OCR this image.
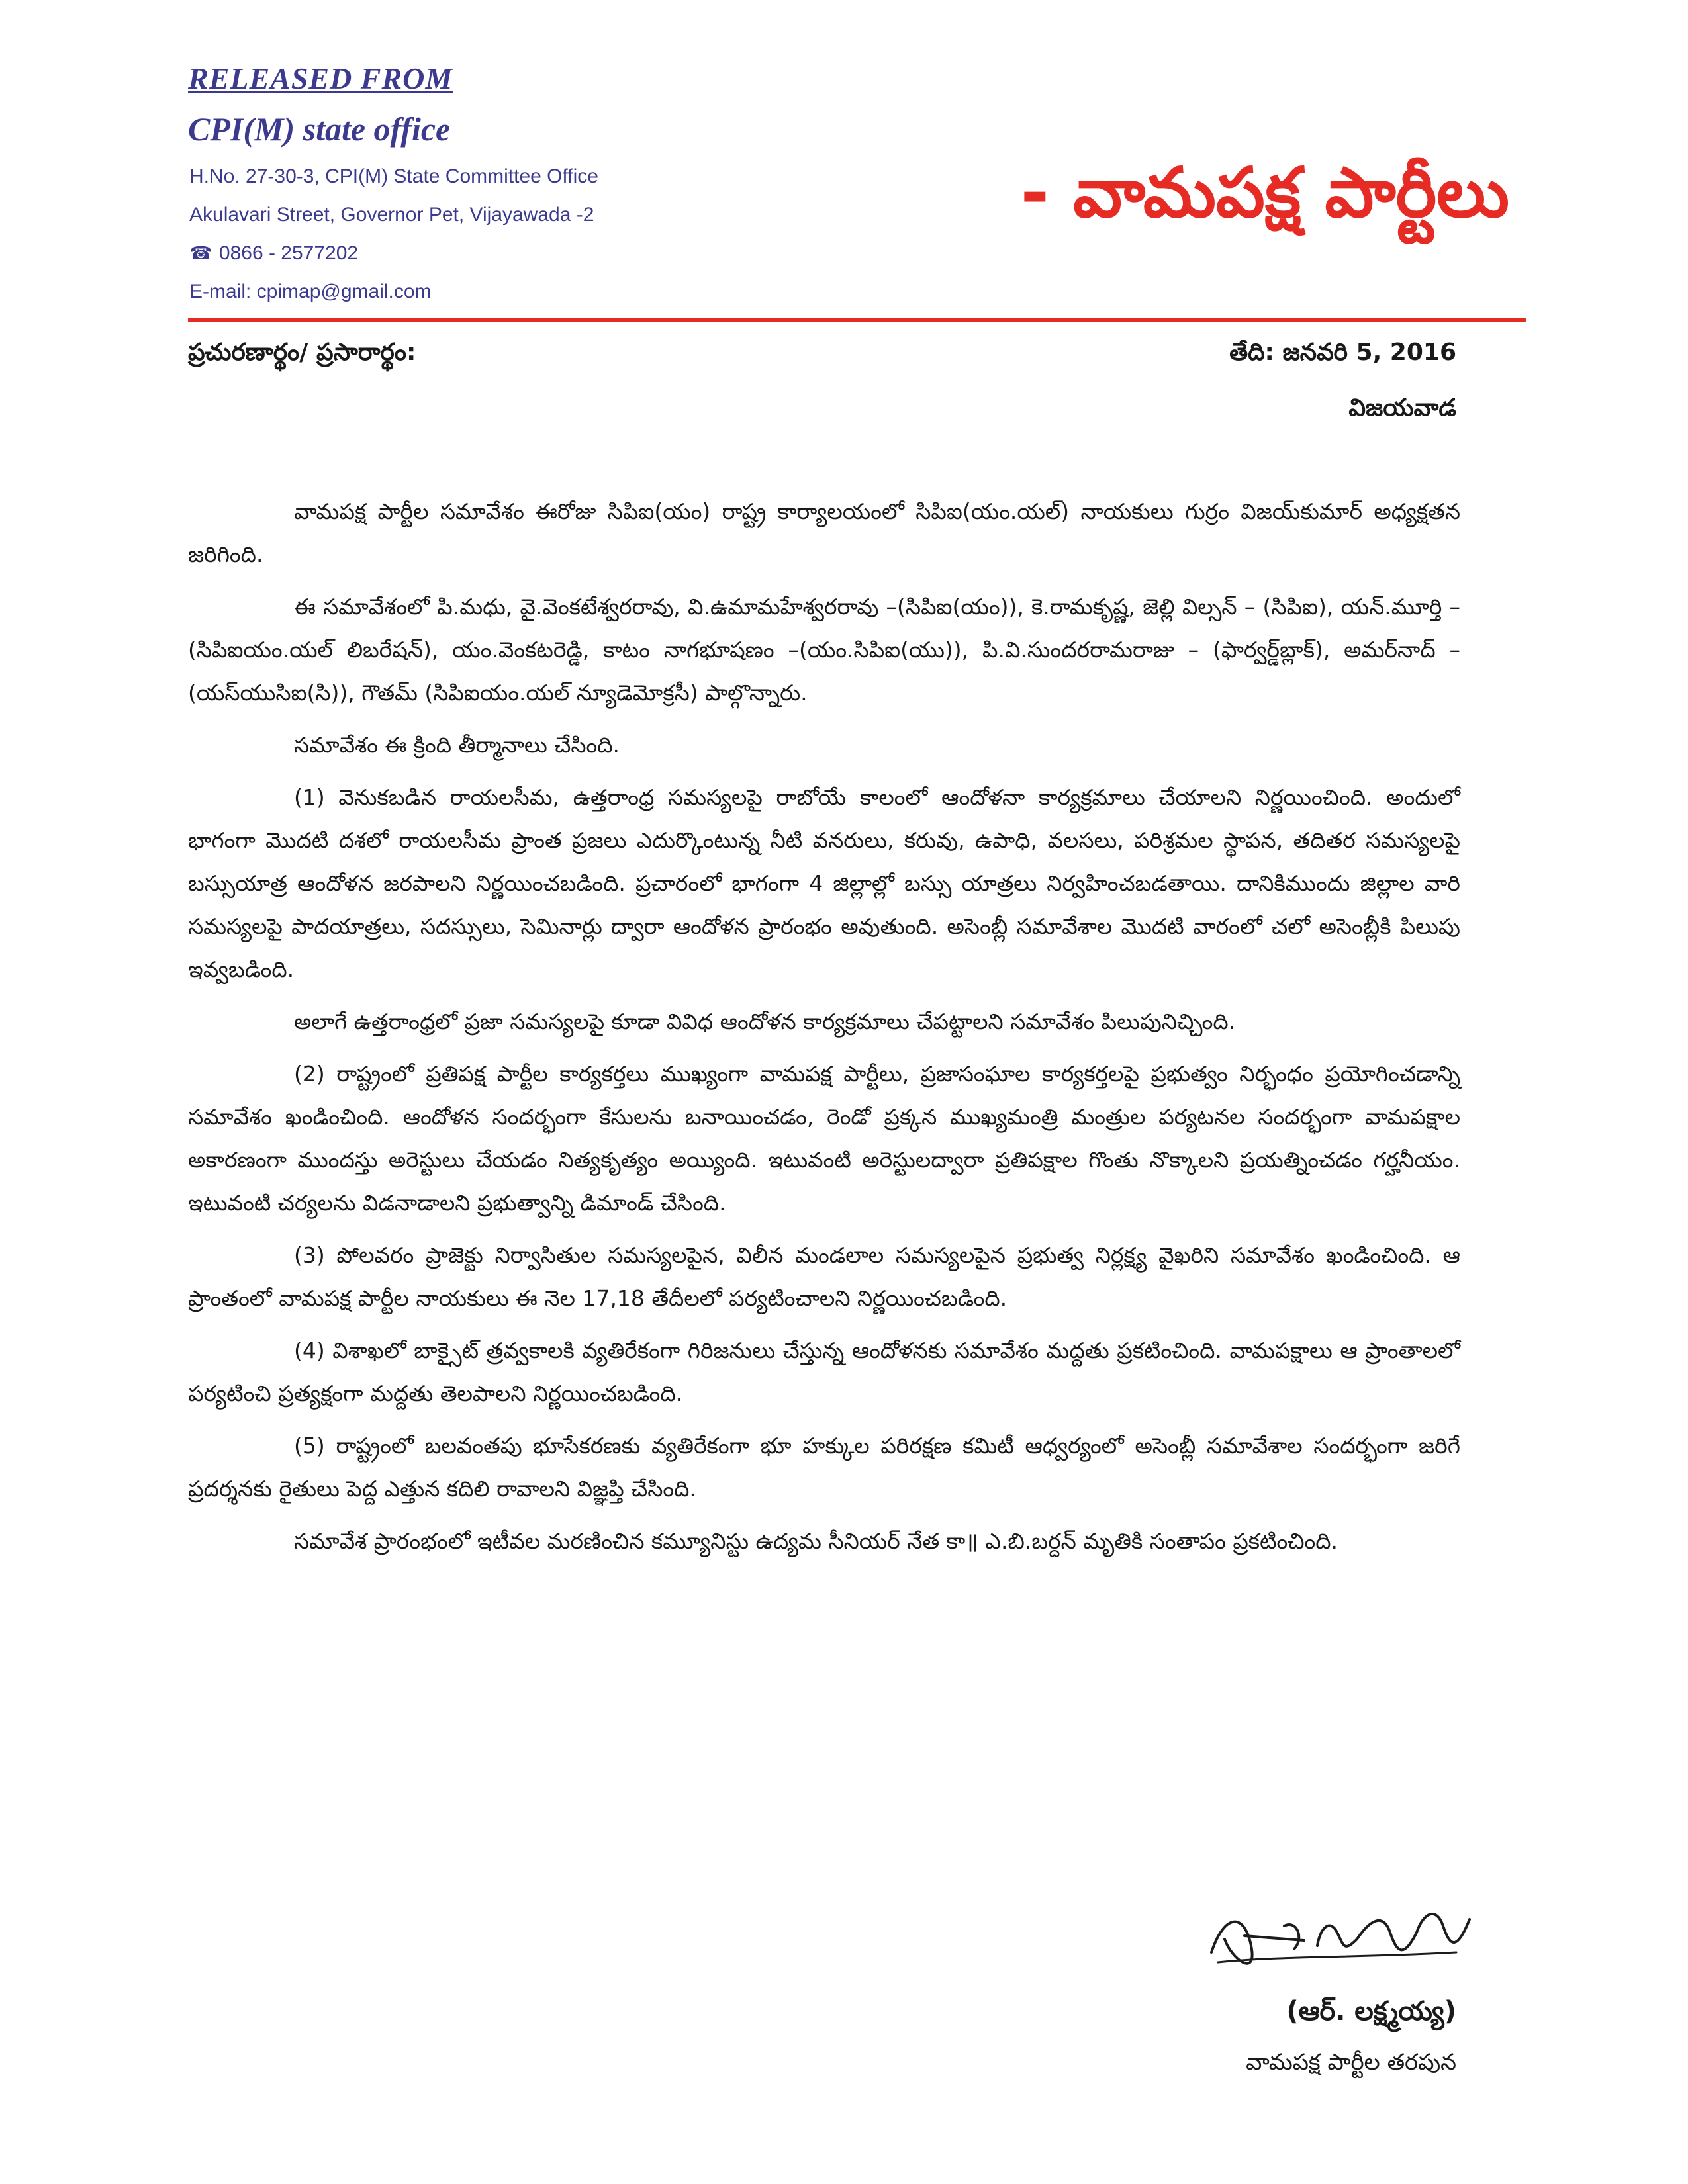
RELEASED FROM
CPI(M) state office
H.No. 27-30-3, CPI(M) State Committee Office
Akulavari Street, Governor Pet, Vijayawada -2
☎ 0866 - 2577202
E-mail: cpimap@gmail.com
- వామపక్ష పార్టీలు
ప్రచురణార్థం/ ప్రసారార్థం:	తేది: జనవరి 5, 2016
విజయవాడ

వామపక్ష పార్టీల సమావేశం ఈరోజు సిపిఐ(యం) రాష్ట్ర కార్యాలయంలో సిపిఐ(యం.యల్) నాయకులు గుర్రం విజయ్‌కుమార్ అధ్యక్షతన జరిగింది.

ఈ సమావేశంలో పి.మధు, వై.వెంకటేశ్వరరావు, వి.ఉమామహేశ్వరరావు –(సిపిఐ(యం)), కె.రామకృష్ణ, జెల్లి విల్సన్ – (సిపిఐ), యన్.మూర్తి – (సిపిఐయం.యల్ లిబరేషన్), యం.వెంకటరెడ్డి, కాటం నాగభూషణం –(యం.సిపిఐ(యు)), పి.వి.సుందరరామరాజు – (ఫార్వర్డ్‌బ్లాక్), అమర్‌నాద్ – (యస్‌యుసిఐ(సి)), గౌతమ్ (సిపిఐయం.యల్ న్యూడెమోక్రసీ) పాల్గొన్నారు.

సమావేశం ఈ క్రింది తీర్మానాలు చేసింది.

(1) వెనుకబడిన రాయలసీమ, ఉత్తరాంధ్ర సమస్యలపై రాబోయే కాలంలో ఆందోళనా కార్యక్రమాలు చేయాలని నిర్ణయించింది. అందులో భాగంగా మొదటి దశలో రాయలసీమ ప్రాంత ప్రజలు ఎదుర్కొంటున్న నీటి వనరులు, కరువు, ఉపాధి, వలసలు, పరిశ్రమల స్థాపన, తదితర సమస్యలపై బస్సుయాత్ర ఆందోళన జరపాలని నిర్ణయించబడింది. ప్రచారంలో భాగంగా 4 జిల్లాల్లో బస్సు యాత్రలు నిర్వహించబడతాయి. దానికిముందు జిల్లాల వారి సమస్యలపై పాదయాత్రలు, సదస్సులు, సెమినార్లు ద్వారా ఆందోళన ప్రారంభం అవుతుంది. అసెంబ్లీ సమావేశాల మొదటి వారంలో చలో అసెంబ్లీకి పిలుపు ఇవ్వబడింది.

అలాగే ఉత్తరాంధ్రలో ప్రజా సమస్యలపై కూడా వివిధ ఆందోళన కార్యక్రమాలు చేపట్టాలని సమావేశం పిలుపునిచ్చింది.

(2) రాష్ట్రంలో ప్రతిపక్ష పార్టీల కార్యకర్తలు ముఖ్యంగా వామపక్ష పార్టీలు, ప్రజాసంఘాల కార్యకర్తలపై ప్రభుత్వం నిర్భంధం ప్రయోగించడాన్ని సమావేశం ఖండించింది. ఆందోళన సందర్భంగా కేసులను బనాయించడం, రెండో ప్రక్కన ముఖ్యమంత్రి మంత్రుల పర్యటనల సందర్భంగా వామపక్షాల అకారణంగా ముందస్తు అరెస్టులు చేయడం నిత్యకృత్యం అయ్యింది. ఇటువంటి అరెస్టులద్వారా ప్రతిపక్షాల గొంతు నొక్కాలని ప్రయత్నించడం గర్హనీయం. ఇటువంటి చర్యలను విడనాడాలని ప్రభుత్వాన్ని డిమాండ్ చేసింది.

(3) పోలవరం ప్రాజెక్టు నిర్వాసితుల సమస్యలపైన, విలీన మండలాల సమస్యలపైన ప్రభుత్వ నిర్లక్ష్య వైఖరిని సమావేశం ఖండించింది. ఆ ప్రాంతంలో వామపక్ష పార్టీల నాయకులు ఈ నెల 17,18 తేదీలలో పర్యటించాలని నిర్ణయించబడింది.

(4) విశాఖలో బాక్సైట్ త్రవ్వకాలకి వ్యతిరేకంగా గిరిజనులు చేస్తున్న ఆందోళనకు సమావేశం మద్దతు ప్రకటించింది. వామపక్షాలు ఆ ప్రాంతాలలో పర్యటించి ప్రత్యక్షంగా మద్దతు తెలపాలని నిర్ణయించబడింది.

(5) రాష్ట్రంలో బలవంతపు భూసేకరణకు వ్యతిరేకంగా భూ హక్కుల పరిరక్షణ కమిటీ ఆధ్వర్యంలో అసెంబ్లీ సమావేశాల సందర్భంగా జరిగే ప్రదర్శనకు రైతులు పెద్ద ఎత్తున కదిలి రావాలని విజ్ఞప్తి చేసింది.

సమావేశ ప్రారంభంలో ఇటీవల మరణించిన కమ్యూనిస్టు ఉద్యమ సీనియర్ నేత కా॥ ఎ.బి.బర్దన్ మృతికి సంతాపం ప్రకటించింది.

(ఆర్. లక్ష్మయ్య)
వామపక్ష పార్టీల తరపున
